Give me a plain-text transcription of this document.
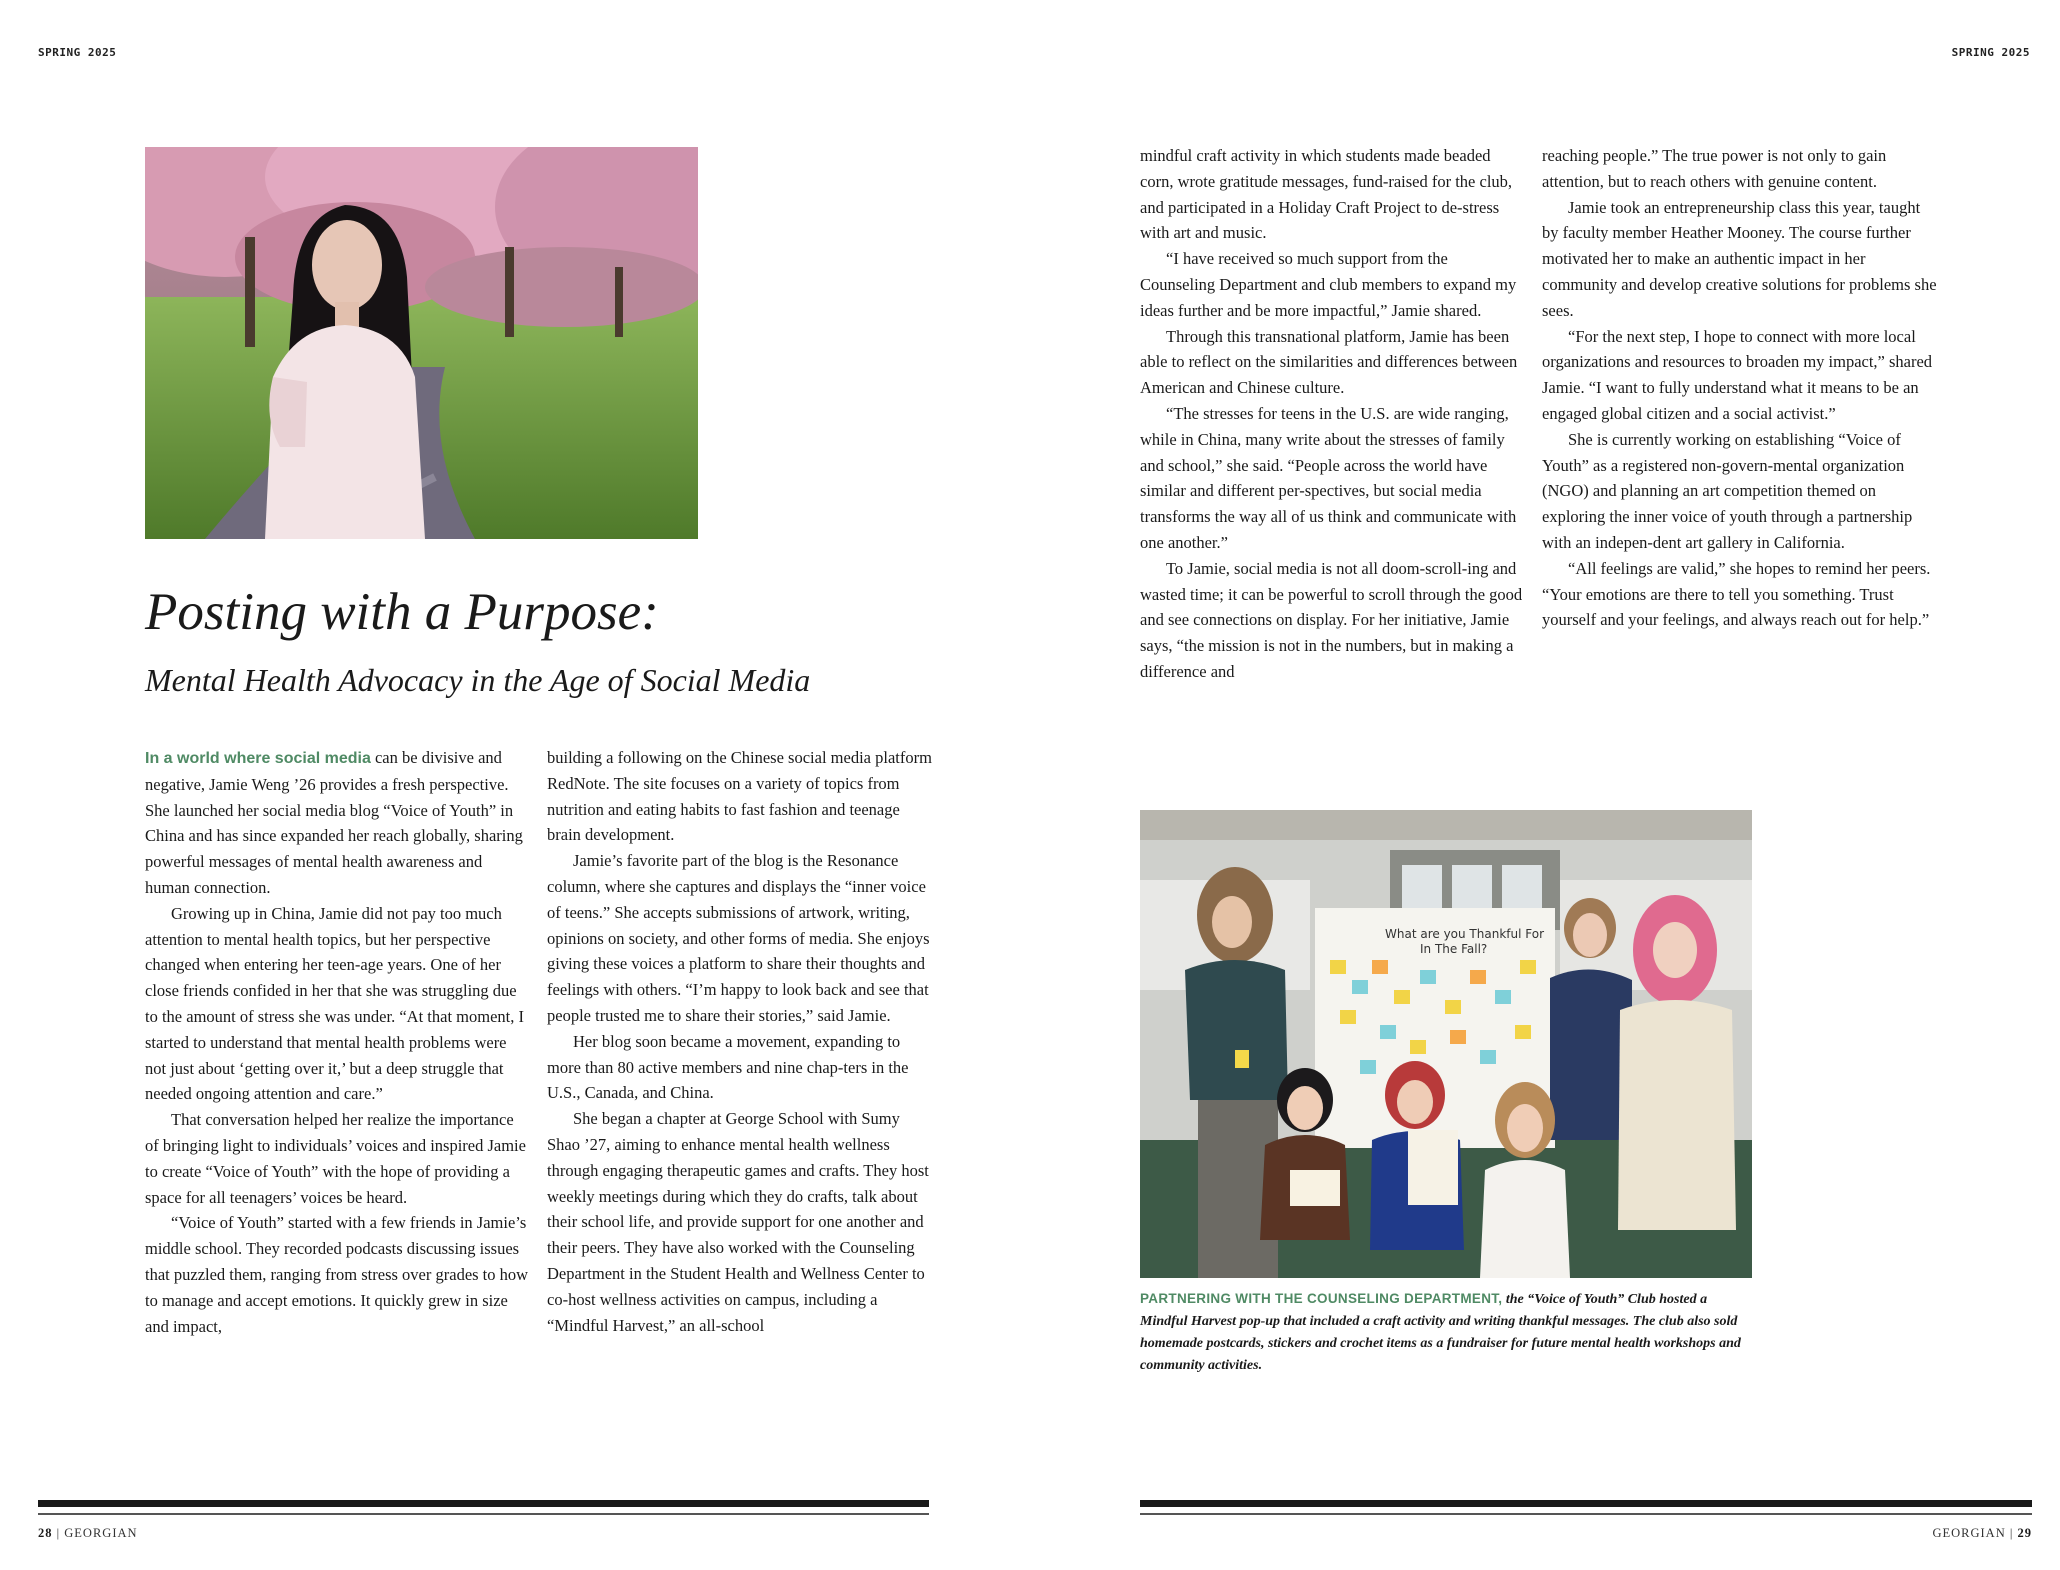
SPRING 2025	SPRING 2025
Posting with a Purpose:
Mental Health Advocacy in the Age of Social Media

In a world where social media can be divisive and negative, Jamie Weng ’26 provides a fresh perspective. She launched her social media blog “Voice of Youth” in China and has since expanded her reach globally, sharing powerful messages of mental health awareness and human connection.

Growing up in China, Jamie did not pay too much attention to mental health topics, but her perspective changed when entering her teen-age years. One of her close friends confided in her that she was struggling due to the amount of stress she was under. “At that moment, I started to understand that mental health problems were not just about ‘getting over it,’ but a deep struggle that needed ongoing attention and care.”

That conversation helped her realize the importance of bringing light to individuals’ voices and inspired Jamie to create “Voice of Youth” with the hope of providing a space for all teenagers’ voices be heard.

“Voice of Youth” started with a few friends in Jamie’s middle school. They recorded podcasts discussing issues that puzzled them, ranging from stress over grades to how to manage and accept emotions. It quickly grew in size and impact,

building a following on the Chinese social media platform RedNote. The site focuses on a variety of topics from nutrition and eating habits to fast fashion and teenage brain development.

Jamie’s favorite part of the blog is the Resonance column, where she captures and displays the “inner voice of teens.” She accepts submissions of artwork, writing, opinions on society, and other forms of media. She enjoys giving these voices a platform to share their thoughts and feelings with others. “I’m happy to look back and see that people trusted me to share their stories,” said Jamie.

Her blog soon became a movement, expanding to more than 80 active members and nine chap-ters in the U.S., Canada, and China.

She began a chapter at George School with Sumy Shao ’27, aiming to enhance mental health wellness through engaging therapeutic games and crafts. They host weekly meetings during which they do crafts, talk about their school life, and provide support for one another and their peers. They have also worked with the Counseling Department in the Student Health and Wellness Center to co-host wellness activities on campus, including a “Mindful Harvest,” an all-school

mindful craft activity in which students made beaded corn, wrote gratitude messages, fund-raised for the club, and participated in a Holiday Craft Project to de-stress with art and music.

“I have received so much support from the Counseling Department and club members to expand my ideas further and be more impactful,” Jamie shared.

Through this transnational platform, Jamie has been able to reflect on the similarities and differences between American and Chinese culture.

“The stresses for teens in the U.S. are wide ranging, while in China, many write about the stresses of family and school,” she said. “People across the world have similar and different per-spectives, but social media transforms the way all of us think and communicate with one another.”

To Jamie, social media is not all doom-scroll-ing and wasted time; it can be powerful to scroll through the good and see connections on display. For her initiative, Jamie says, “the mission is not in the numbers, but in making a difference and

reaching people.” The true power is not only to gain attention, but to reach others with genuine content.

Jamie took an entrepreneurship class this year, taught by faculty member Heather Mooney. The course further motivated her to make an authentic impact in her community and develop creative solutions for problems she sees.

“For the next step, I hope to connect with more local organizations and resources to broaden my impact,” shared Jamie. “I want to fully understand what it means to be an engaged global citizen and a social activist.”

She is currently working on establishing “Voice of Youth” as a registered non-govern-mental organization (NGO) and planning an art competition themed on exploring the inner voice of youth through a partnership with an indepen-dent art gallery in California.

“All feelings are valid,” she hopes to remind her peers. “Your emotions are there to tell you something. Trust yourself and your feelings, and always reach out for help.”

What are you Thankful For
In The Fall?
PARTNERING WITH THE COUNSELING DEPARTMENT, the “Voice of Youth” Club hosted a Mindful Harvest pop-up that included a craft activity and writing thankful messages. The club also sold homemade postcards, stickers and crochet items as a fundraiser for future mental health workshops and community activities.
28 | GEORGIAN	GEORGIAN | 29
